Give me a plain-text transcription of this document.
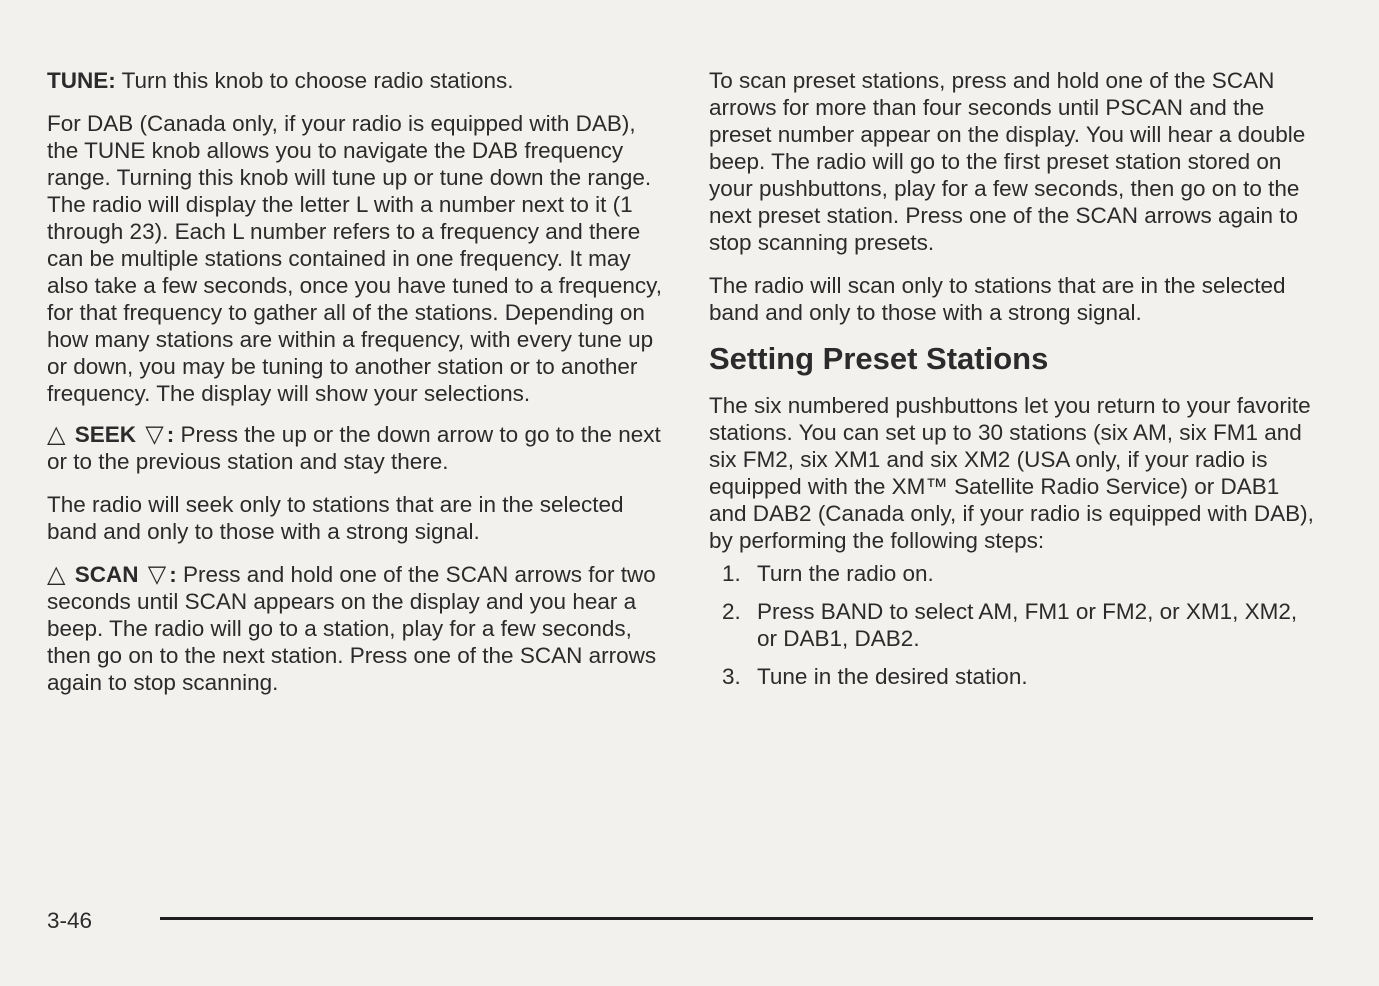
TUNE: Turn this knob to choose radio stations.

For DAB (Canada only, if your radio is equipped with DAB), the TUNE knob allows you to navigate the DAB frequency range. Turning this knob will tune up or tune down the range. The radio will display the letter L with a number next to it (1 through 23). Each L number refers to a frequency and there can be multiple stations contained in one frequency. It may also take a few seconds, once you have tuned to a frequency, for that frequency to gather all of the stations. Depending on how many stations are within a frequency, with every tune up or down, you may be tuning to another station or to another frequency. The display will show your selections.

△ SEEK ▽ : Press the up or the down arrow to go to the next or to the previous station and stay there.

The radio will seek only to stations that are in the selected band and only to those with a strong signal.

△ SCAN ▽ : Press and hold one of the SCAN arrows for two seconds until SCAN appears on the display and you hear a beep. The radio will go to a station, play for a few seconds, then go on to the next station. Press one of the SCAN arrows again to stop scanning.

To scan preset stations, press and hold one of the SCAN arrows for more than four seconds until PSCAN and the preset number appear on the display. You will hear a double beep. The radio will go to the first preset station stored on your pushbuttons, play for a few seconds, then go on to the next preset station. Press one of the SCAN arrows again to stop scanning presets.

The radio will scan only to stations that are in the selected band and only to those with a strong signal.

Setting Preset Stations

The six numbered pushbuttons let you return to your favorite stations. You can set up to 30 stations (six AM, six FM1 and six FM2, six XM1 and six XM2 (USA only, if your radio is equipped with the XM™ Satellite Radio Service) or DAB1 and DAB2 (Canada only, if your radio is equipped with DAB), by performing the following steps:

1. Turn the radio on.
2. Press BAND to select AM, FM1 or FM2, or XM1, XM2, or DAB1, DAB2.
3. Tune in the desired station.
3-46
